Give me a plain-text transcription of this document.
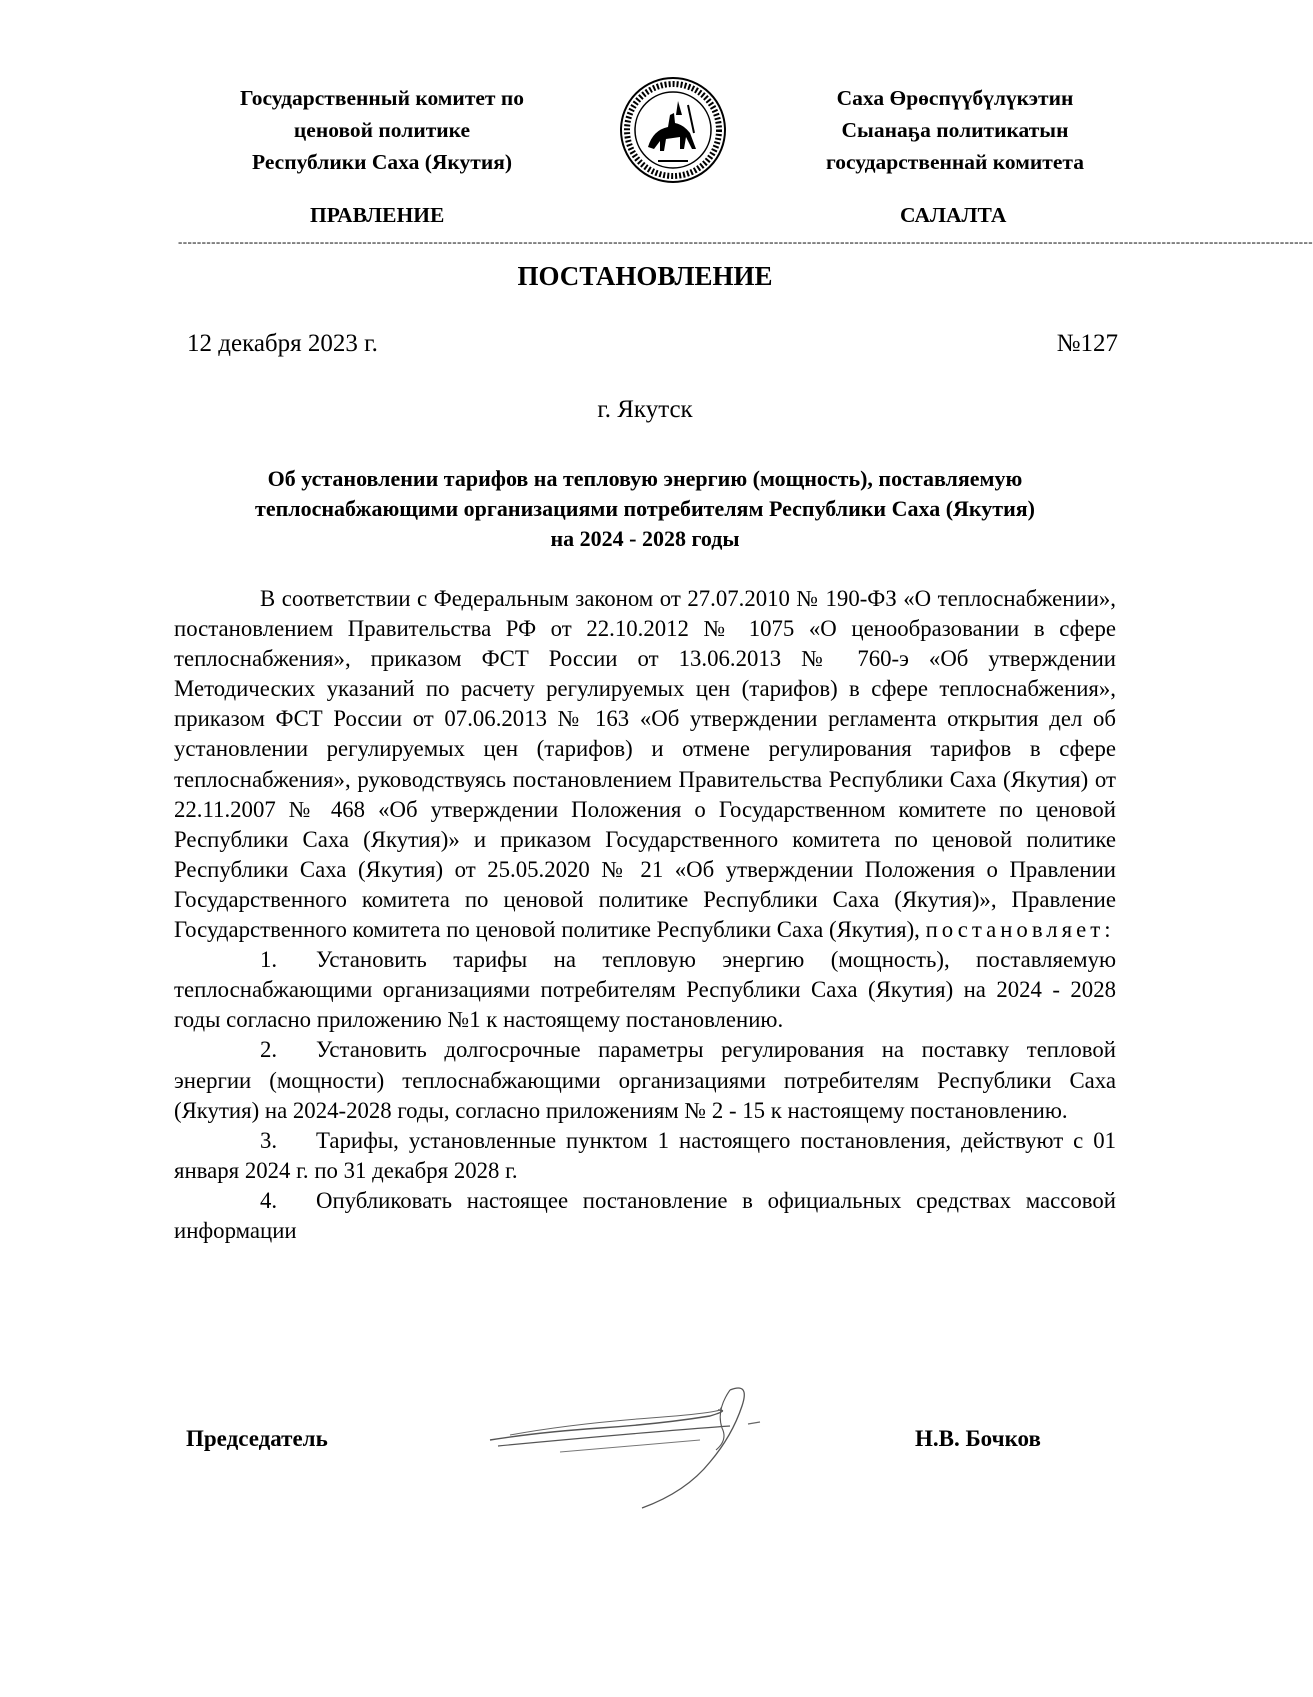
Государственный комитет по
ценовой политике
Республики Саха (Якутия)
Саха Өрөспүүбүлүкэтин
Сыанаҕа политикатын
государственнай комитета
ПРАВЛЕНИЕ	САЛАЛТА
------------------------------------------------------------------------------------------------------------------------------------------------------------------------------------------------------------------------------------------------
ПОСТАНОВЛЕНИЕ
12 декабря 2023 г.	№127
г. Якутск
Об установлении тарифов на тепловую энергию (мощность), поставляемую
теплоснабжающими организациями потребителям Республики Саха (Якутия)
на 2024 - 2028 годы

В соответствии с Федеральным законом от 27.07.2010 № 190-ФЗ «О теплоснабжении», постановлением Правительства РФ от 22.10.2012 № 1075 «О ценообразовании в сфере теплоснабжения», приказом ФСТ России от 13.06.2013 № 760-э «Об утверждении Методических указаний по расчету регулируемых цен (тарифов) в сфере теплоснабжения», приказом ФСТ России от 07.06.2013 № 163 «Об утверждении регламента открытия дел об установлении регулируемых цен (тарифов) и отмене регулирования тарифов в сфере теплоснабжения», руководствуясь постановлением Правительства Республики Саха (Якутия) от 22.11.2007 № 468 «Об утверждении Положения о Государственном комитете по ценовой Республики Саха (Якутия)» и приказом Государственного комитета по ценовой политике Республики Саха (Якутия) от 25.05.2020 № 21 «Об утверждении Положения о Правлении Государственного комитета по ценовой политике Республики Саха (Якутия)», Правление Государственного комитета по ценовой политике Республики Саха (Якутия), постановляет:

1. Установить тарифы на тепловую энергию (мощность), поставляемую теплоснабжающими организациями потребителям Республики Саха (Якутия) на 2024 - 2028 годы согласно приложению №1 к настоящему постановлению.

2. Установить долгосрочные параметры регулирования на поставку тепловой энергии (мощности) теплоснабжающими организациями потребителям Республики Саха (Якутия) на 2024-2028 годы, согласно приложениям № 2 - 15 к настоящему постановлению.

3. Тарифы, установленные пунктом 1 настоящего постановления, действуют с 01 января 2024 г. по 31 декабря 2028 г.

4. Опубликовать настоящее постановление в официальных средствах массовой информации

Председатель	Н.В. Бочков
